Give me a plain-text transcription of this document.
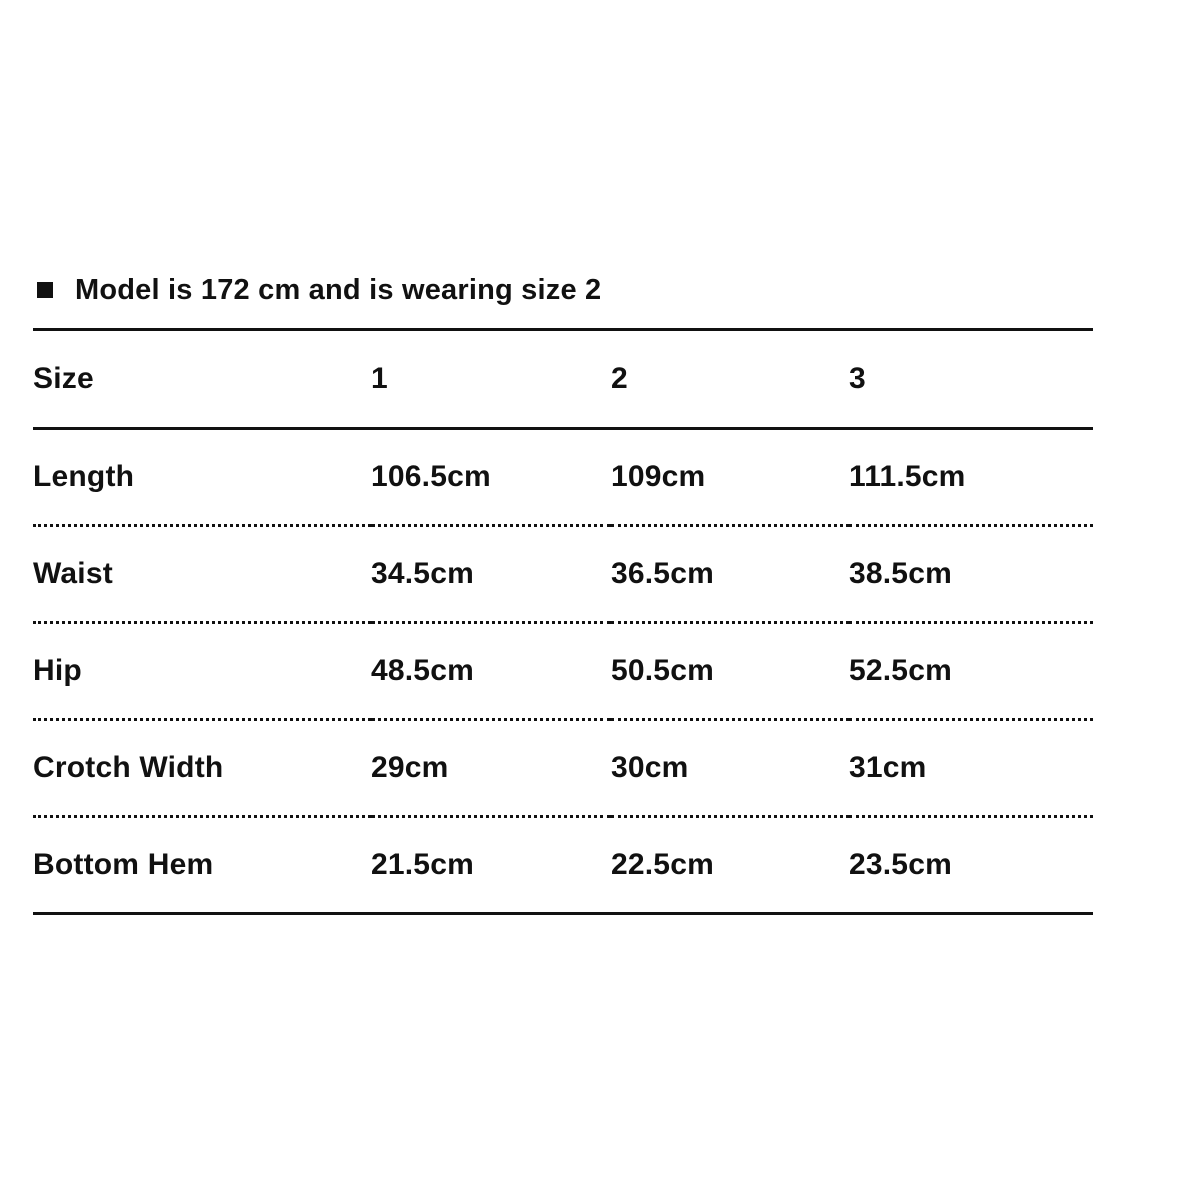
Model is 172 cm and is wearing size 2
Size	1	2	3
Length	106.5cm	109cm	111.5cm
Waist	34.5cm	36.5cm	38.5cm
Hip	48.5cm	50.5cm	52.5cm
Crotch Width	29cm	30cm	31cm
Bottom Hem	21.5cm	22.5cm	23.5cm
